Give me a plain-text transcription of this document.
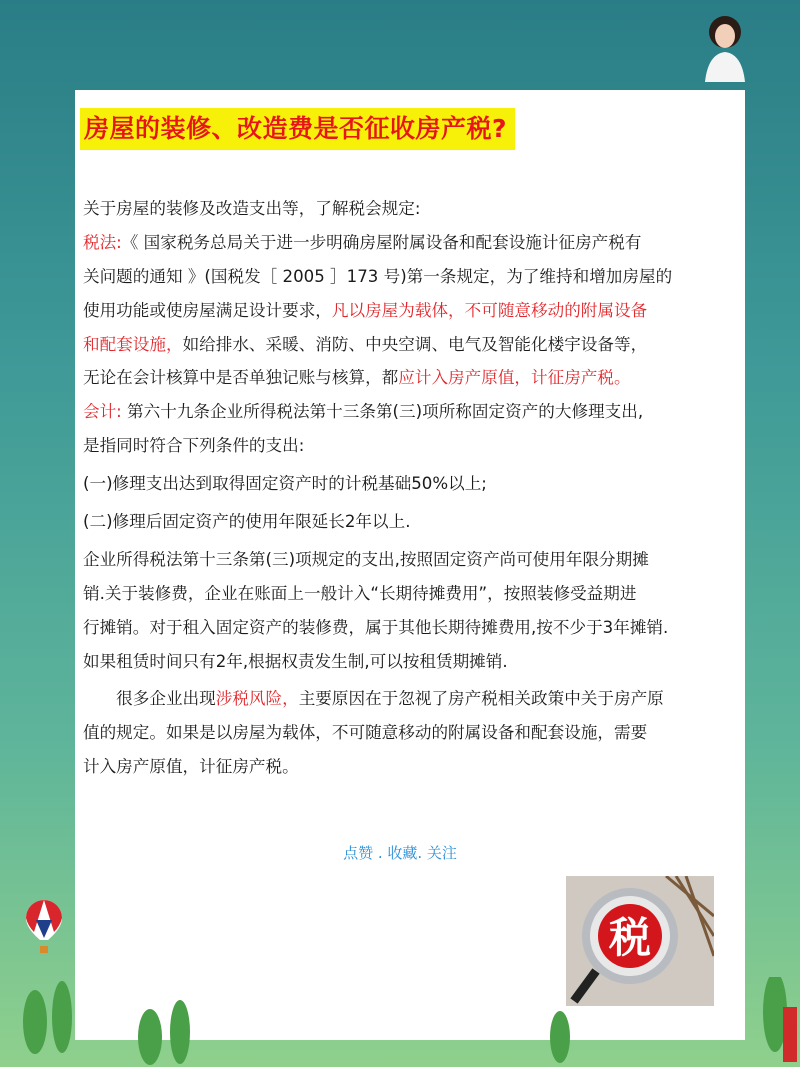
房屋的装修、改造费是否征收房产税?
关于房屋的装修及改造支出等，了解税会规定:
税法:《 国家税务总局关于进一步明确房屋附属设备和配套设施计征房产税有
关问题的通知 》(国税发［ 2005 ］173 号)第一条规定，为了维持和增加房屋的
使用功能或使房屋满足设计要求，凡以房屋为载体，不可随意移动的附属设备
和配套设施，如给排水、采暖、消防、中央空调、电气及智能化楼宇设备等，
无论在会计核算中是否单独记账与核算，都应计入房产原值，计征房产税。
会计: 第六十九条企业所得税法第十三条第(三)项所称固定资产的大修理支出,
是指同时符合下列条件的支出:
(一)修理支出达到取得固定资产时的计税基础50%以上;
(二)修理后固定资产的使用年限延长2年以上.
企业所得税法第十三条第(三)项规定的支出,按照固定资产尚可使用年限分期摊
销.关于装修费，企业在账面上一般计入“长期待摊费用”，按照装修受益期进
行摊销。对于租入固定资产的装修费，属于其他长期待摊费用,按不少于3年摊销.
如果租赁时间只有2年,根据权责发生制,可以按租赁期摊销.
　　很多企业出现涉税风险，主要原因在于忽视了房产税相关政策中关于房产原
值的规定。如果是以房屋为载体，不可随意移动的附属设备和配套设施，需要
计入房产原值，计征房产税。
点赞 . 收藏. 关注
税
